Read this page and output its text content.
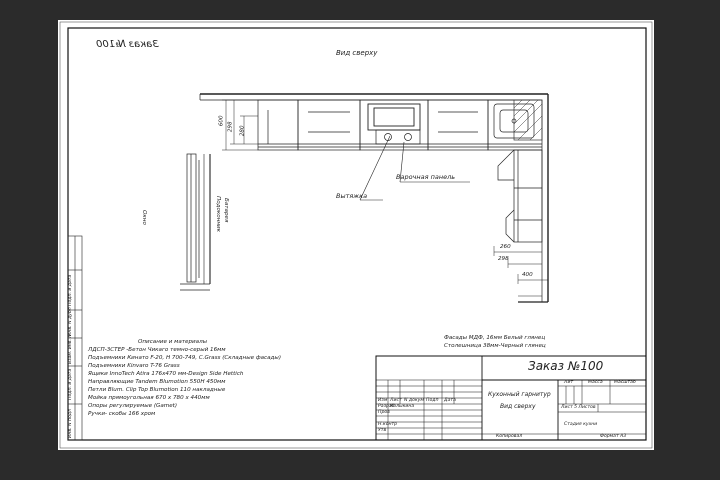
Заказ №100
Вид сверху
600
298 280
Вытяжка
Варочная панель
Окно	Подоконник Батарея
260
298
400
Описание и материалы
ЛДСП-3СТЕР -Бетон Чикаго темно-серый 16мм
Подъемники Кинато F-20, Н 700-749, С.Grass (Складные фасады)
Подъемники Kinvaro T-76 Grass
Ящики InnoTech Atira 176x470 мм-Design Side Hettich
Направляющие Tandem Blumotion 550H 450мм
Петли Blum. Clip Top Blumotion 110 накладные
Мойка прямоугольная 670 x 780 x 440мм
Опоры регулируемые (Gamet)
Ручки- скобы 166 хром
Фасады МДФ, 16мм Белый глянец
Столешница 38мм-Черный глянец
Заказ №100
Кухонный гарнитур
Вид сверху
Лит	Масса Масштаб
Лист 5 Листов
Стадия кухни
Формат А3
Копировал
Изм Лист N докум Подп Дата
Разраб
Колыкина
Пров
Н.контр
Утв
Инв. N подл
Подп. и дата
Взам. инв. N
Инв. N дубл
Подп. и дата
